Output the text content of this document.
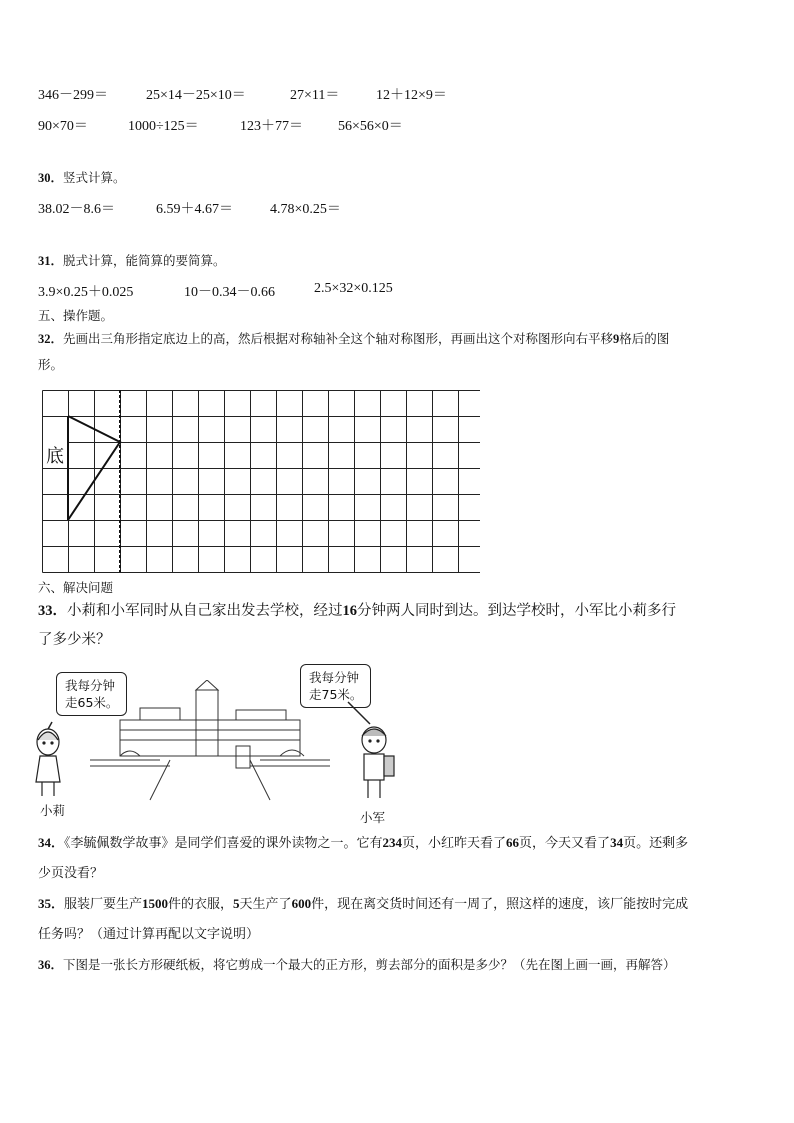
346－299＝	25×14－25×10＝	27×11＝	12＋12×9＝
90×70＝	1000÷125＝	123＋77＝	56×56×0＝
30．竖式计算。
38.02－8.6＝	6.59＋4.67＝	4.78×0.25＝
31．脱式计算，能简算的要简算。
3.9×0.25＋0.025	10－0.34－0.66	2.5×32×0.125
五、操作题。
32．先画出三角形指定底边上的高，然后根据对称轴补全这个轴对称图形，再画出这个对称图形向右平移9格后的图
形。
底
六、解决问题
33．小莉和小军同时从自己家出发去学校，经过16分钟两人同时到达。到达学校时，小军比小莉多行
了多少米？
我每分钟
走65米。
我每分钟
走75米。
小莉	小军
34．《李毓佩数学故事》是同学们喜爱的课外读物之一。它有234页，小红昨天看了66页，今天又看了34页。还剩多
少页没看？
35．服装厂要生产1500件的衣服，5天生产了600件，现在离交货时间还有一周了，照这样的速度，该厂能按时完成
任务吗？（通过计算再配以文字说明）
36．下图是一张长方形硬纸板，将它剪成一个最大的正方形，剪去部分的面积是多少？（先在图上画一画，再解答）
